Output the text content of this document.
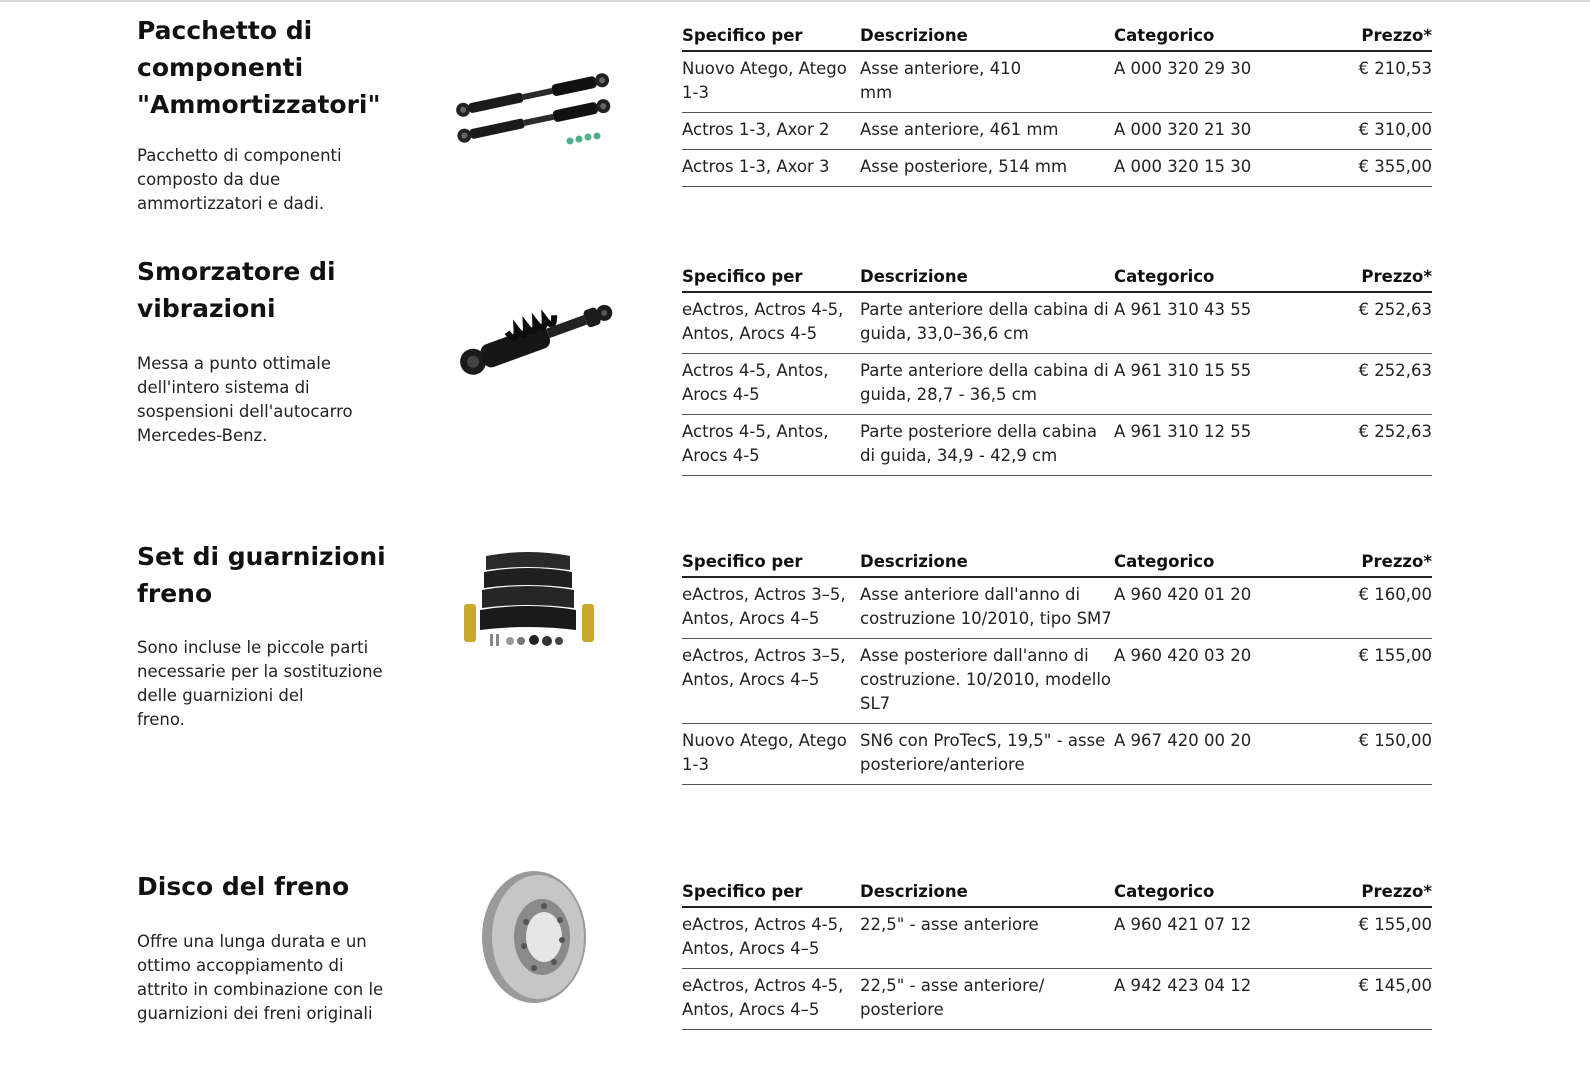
Pacchetto di
componenti
"Ammortizzatori"
Pacchetto di componenti
composto da due
ammortizzatori e dadi.
Specifico per	Descrizione	Categorico	Prezzo*
Nuovo Atego, Atego 1-3	Asse anteriore, 410 mm	A 000 320 29 30	€ 210,53
Actros 1-3, Axor 2	Asse anteriore, 461 mm	A 000 320 21 30	€ 310,00
Actros 1-3, Axor 3	Asse posteriore, 514 mm	A 000 320 15 30	€ 355,00
Smorzatore di
vibrazioni
Messa a punto ottimale
dell'intero sistema di
sospensioni dell'autocarro
Mercedes-Benz.
Specifico per	Descrizione	Categorico	Prezzo*
eActros, Actros 4-5, Antos, Arocs 4-5	Parte anteriore della cabina di guida, 33,0–36,6 cm	A 961 310 43 55	€ 252,63
Actros 4-5, Antos, Arocs 4-5	Parte anteriore della cabina di guida, 28,7 - 36,5 cm	A 961 310 15 55	€ 252,63
Actros 4-5, Antos, Arocs 4-5	Parte posteriore della cabina di guida, 34,9 - 42,9 cm	A 961 310 12 55	€ 252,63
Set di guarnizioni
freno
Sono incluse le piccole parti
necessarie per la sostituzione
delle guarnizioni del
freno.
Specifico per	Descrizione	Categorico	Prezzo*
eActros, Actros 3–5, Antos, Arocs 4–5	Asse anteriore dall'anno di costruzione 10/2010, tipo SM7	A 960 420 01 20	€ 160,00
eActros, Actros 3–5, Antos, Arocs 4–5	Asse posteriore dall'anno di costruzione. 10/2010, modello SL7	A 960 420 03 20	€ 155,00
Nuovo Atego, Atego 1-3	SN6 con ProTecS, 19,5" - asse posteriore/anteriore	A 967 420 00 20	€ 150,00
Disco del freno
Offre una lunga durata e un
ottimo accoppiamento di
attrito in combinazione con le
guarnizioni dei freni originali
Specifico per	Descrizione	Categorico	Prezzo*
eActros, Actros 4-5, Antos, Arocs 4–5	22,5" - asse anteriore	A 960 421 07 12	€ 155,00
eActros, Actros 4-5, Antos, Arocs 4–5	22,5" - asse anteriore/ posteriore	A 942 423 04 12	€ 145,00
